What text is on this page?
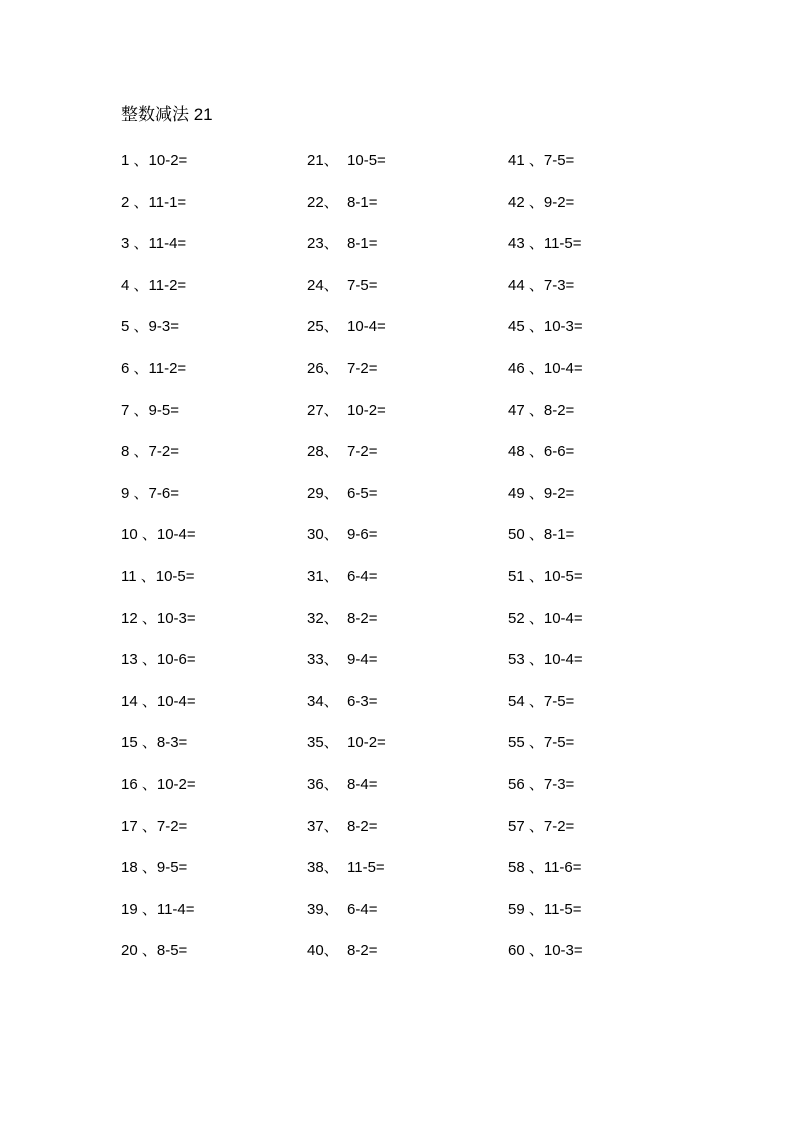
整数减法 21
1 、10-2=
2 、11-1=
3 、11-4=
4 、11-2=
5 、9-3=
6 、11-2=
7 、9-5=
8 、7-2=
9 、7-6=
10 、10-4=
11 、10-5=
12 、10-3=
13 、10-6=
14 、10-4=
15 、8-3=
16 、10-2=
17 、7-2=
18 、9-5=
19 、11-4=
20 、8-5=
21、  10-5=
22、  8-1=
23、  8-1=
24、  7-5=
25、  10-4=
26、  7-2=
27、  10-2=
28、  7-2=
29、  6-5=
30、  9-6=
31、  6-4=
32、  8-2=
33、  9-4=
34、  6-3=
35、  10-2=
36、  8-4=
37、  8-2=
38、  11-5=
39、  6-4=
40、  8-2=
41 、7-5=
42 、9-2=
43 、11-5=
44 、7-3=
45 、10-3=
46 、10-4=
47 、8-2=
48 、6-6=
49 、9-2=
50 、8-1=
51 、10-5=
52 、10-4=
53 、10-4=
54 、7-5=
55 、7-5=
56 、7-3=
57 、7-2=
58 、11-6=
59 、11-5=
60 、10-3=
